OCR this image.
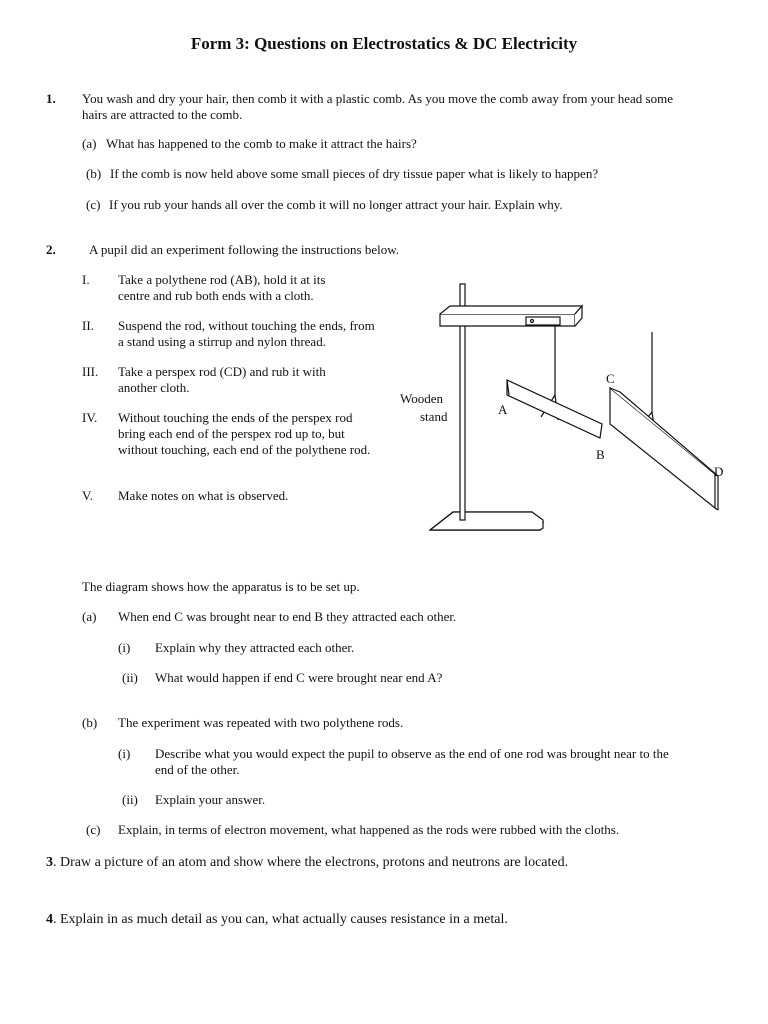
Form 3: Questions on Electrostatics & DC Electricity
1. You wash and dry your hair, then comb it with a plastic comb. As you move the comb away from your head some hairs are attracted to the comb.
(a) What has happened to the comb to make it attract the hairs?
(b) If the comb is now held above some small pieces of dry tissue paper what is likely to happen?
(c) If you rub your hands all over the comb it will no longer attract your hair. Explain why.
2.	A pupil did an experiment following the instructions below.
I. Take a polythene rod (AB), hold it at its centre and rub both ends with a cloth.
II. Suspend the rod, without touching the ends, from a stand using a stirrup and nylon thread.
III. Take a perspex rod (CD) and rub it with another cloth.
IV. Without touching the ends of the perspex rod bring each end of the perspex rod up to, but without touching, each end of the polythene rod.
V. Make notes on what is observed.
Wooden
stand	A
B
C
D
The diagram shows how the apparatus is to be set up.
(a) When end C was brought near to end B they attracted each other.
(i) Explain why they attracted each other.
(ii) What would happen if end C were brought near end A?
(b) The experiment was repeated with two polythene rods.
(i) Describe what you would expect the pupil to observe as the end of one rod was brought near to the end of the other.
(ii) Explain your answer.
(c) Explain, in terms of electron movement, what happened as the rods were rubbed with the cloths.
3. Draw a picture of an atom and show where the electrons, protons and neutrons are located.
4. Explain in as much detail as you can, what actually causes resistance in a metal.
